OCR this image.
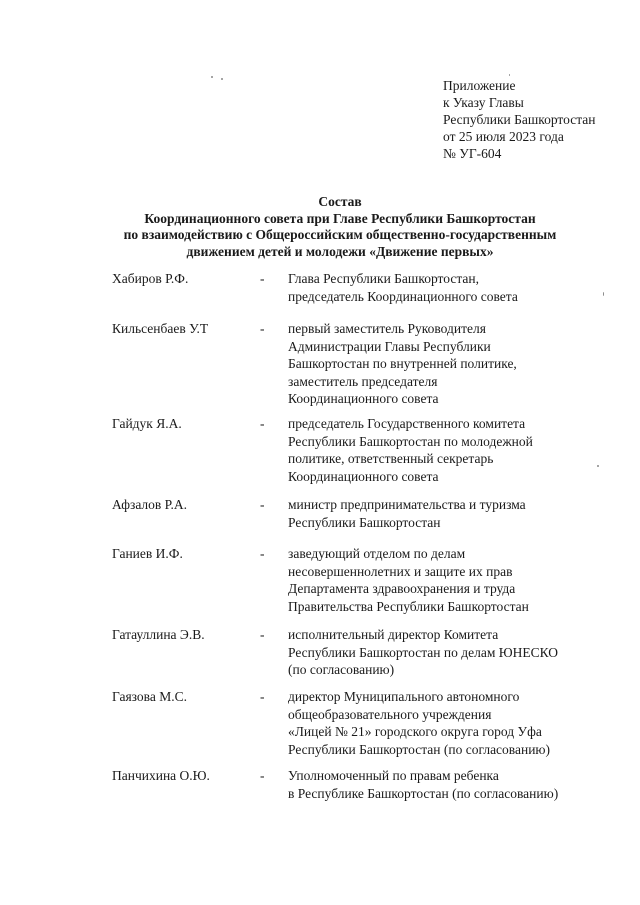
Приложение
к Указу Главы
Республики Башкортостан
от 25 июля 2023 года
№ УГ-604
Состав
Координационного совета при Главе Республики Башкортостан
по взаимодействию с Общероссийским общественно-государственным
движением детей и молодежи «Движение первых»
Хабиров Р.Ф.	- Глава Республики Башкортостан,
председатель Координационного совета
Кильсенбаев У.Т	- первый заместитель Руководителя
Администрации Главы Республики
Башкортостан по внутренней политике,
заместитель председателя
Координационного совета
Гайдук Я.А.	- председатель Государственного комитета
Республики Башкортостан по молодежной
политике, ответственный секретарь
Координационного совета
Афзалов Р.А.	- министр предпринимательства и туризма
Республики Башкортостан
Ганиев И.Ф.	- заведующий отделом по делам
несовершеннолетних и защите их прав
Департамента здравоохранения и труда
Правительства Республики Башкортостан
Гатауллина Э.В.	- исполнительный директор Комитета
Республики Башкортостан по делам ЮНЕСКО
(по согласованию)
Гаязова М.С.	- директор Муниципального автономного
общеобразовательного учреждения
«Лицей № 21» городского округа город Уфа
Республики Башкортостан (по согласованию)
Панчихина О.Ю.	- Уполномоченный по правам ребенка
в Республике Башкортостан (по согласованию)
